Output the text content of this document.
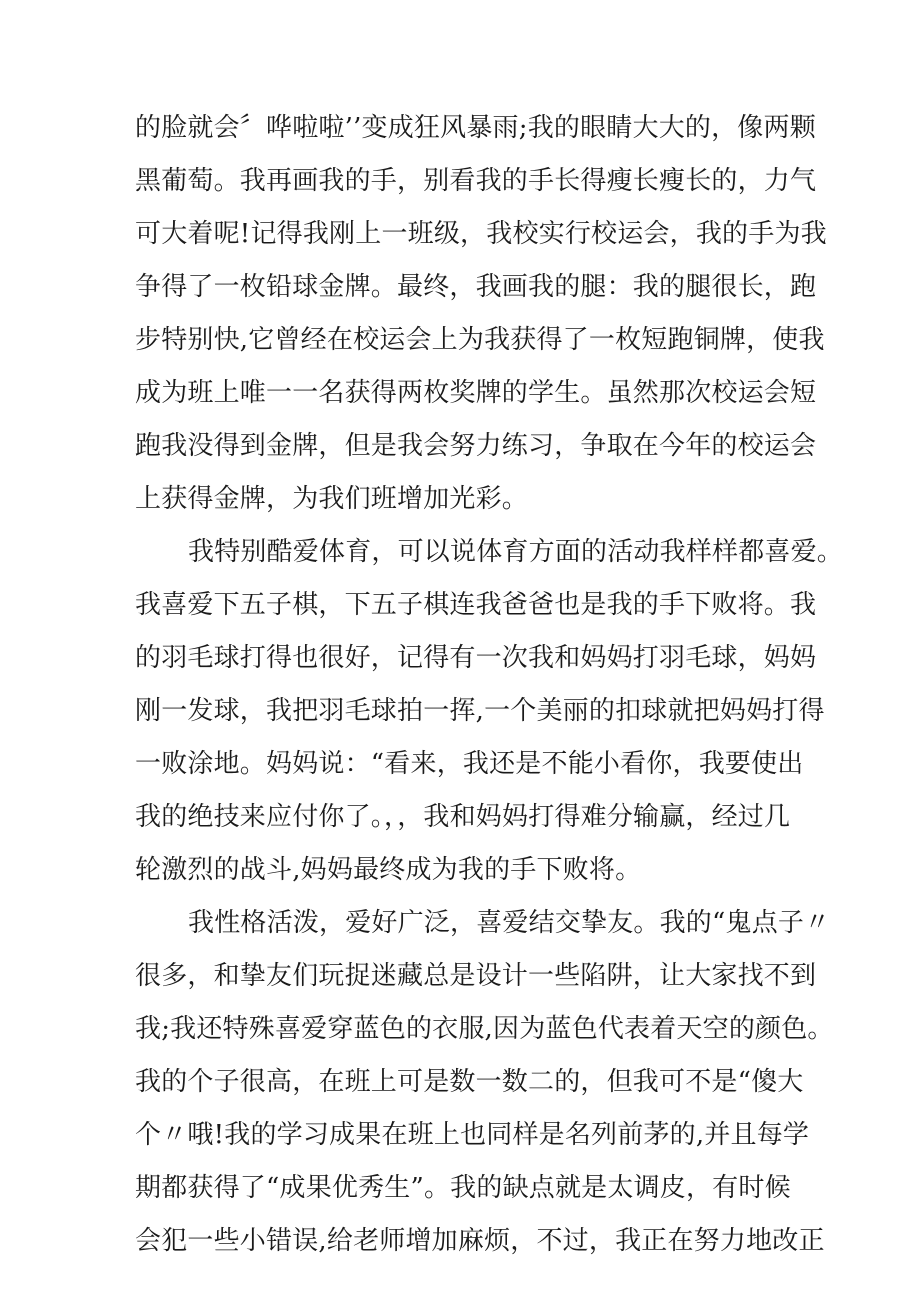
的脸就会〞哗啦啦’’变成狂风暴雨;我的眼睛大大的，像两颗

黑葡萄。我再画我的手，别看我的手长得瘦长瘦长的，力气

可大着呢!记得我刚上一班级，我校实行校运会，我的手为我

争得了一枚铅球金牌。最终，我画我的腿：我的腿很长，跑

步特别快,它曾经在校运会上为我获得了一枚短跑铜牌，使我

成为班上唯一一名获得两枚奖牌的学生。虽然那次校运会短

跑我没得到金牌，但是我会努力练习，争取在今年的校运会

上获得金牌，为我们班增加光彩。

我特别酷爱体育，可以说体育方面的活动我样样都喜爱。

我喜爱下五子棋，下五子棋连我爸爸也是我的手下败将。我

的羽毛球打得也很好，记得有一次我和妈妈打羽毛球，妈妈

刚一发球，我把羽毛球拍一挥,一个美丽的扣球就把妈妈打得

一败涂地。妈妈说：“看来，我还是不能小看你，我要使出

我的绝技来应付你了。，，我和妈妈打得难分输赢，经过几

轮激烈的战斗,妈妈最终成为我的手下败将。

我性格活泼，爱好广泛，喜爱结交挚友。我的“鬼点子〃

很多，和挚友们玩捉迷藏总是设计一些陷阱，让大家找不到

我;我还特殊喜爱穿蓝色的衣服,因为蓝色代表着天空的颜色。

我的个子很高，在班上可是数一数二的，但我可不是“傻大

个〃哦!我的学习成果在班上也同样是名列前茅的,并且每学

期都获得了“成果优秀生”。我的缺点就是太调皮，有时候

会犯一些小错误,给老师增加麻烦，不过，我正在努力地改正
